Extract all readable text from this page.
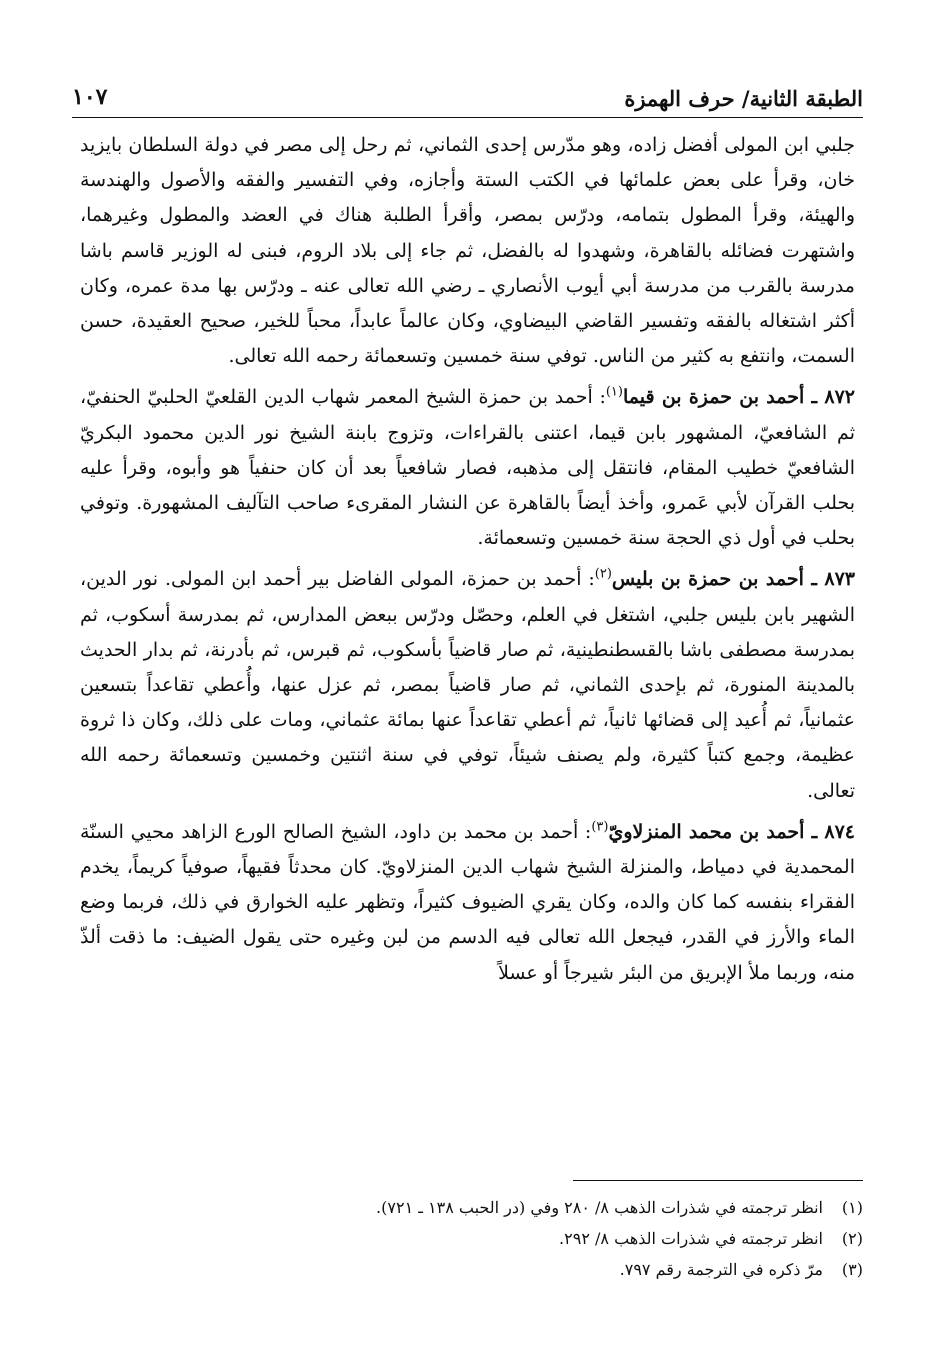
الطبقة الثانية/ حرف الهمزة
١٠٧

جلبي ابن المولى أفضل زاده، وهو مدّرس إحدى الثماني، ثم رحل إلى مصر في دولة السلطان بايزيد خان، وقرأ على بعض علمائها في الكتب الستة وأجازه، وفي التفسير والفقه والأصول والهندسة والهيئة، وقرأ المطول بتمامه، ودرّس بمصر، وأقرأ الطلبة هناك في العضد والمطول وغيرهما، واشتهرت فضائله بالقاهرة، وشهدوا له بالفضل، ثم جاء إلى بلاد الروم، فبنى له الوزير قاسم باشا مدرسة بالقرب من مدرسة أبي أيوب الأنصاري ـ رضي الله تعالى عنه ـ ودرّس بها مدة عمره، وكان أكثر اشتغاله بالفقه وتفسير القاضي البيضاوي، وكان عالماً عابداً، محباً للخير، صحيح العقيدة، حسن السمت، وانتفع به كثير من الناس. توفي سنة خمسين وتسعمائة رحمه الله تعالى.

٨٧٢ ـ أحمد بن حمزة بن قيما$^{(١)}$: أحمد بن حمزة الشيخ المعمر شهاب الدين القلعيّ الحلبيّ الحنفيّ، ثم الشافعيّ، المشهور بابن قيما، اعتنى بالقراءات، وتزوج بابنة الشيخ نور الدين محمود البكريّ الشافعيّ خطيب المقام، فانتقل إلى مذهبه، فصار شافعياً بعد أن كان حنفياً هو وأبوه، وقرأ عليه بحلب القرآن لأبي عَمرو، وأخذ أيضاً بالقاهرة عن النشار المقرىء صاحب التآليف المشهورة. وتوفي بحلب في أول ذي الحجة سنة خمسين وتسعمائة.

٨٧٣ ـ أحمد بن حمزة بن بليس$^{(٢)}$: أحمد بن حمزة، المولى الفاضل بير أحمد ابن المولى. نور الدين، الشهير بابن بليس جلبي، اشتغل في العلم، وحصّل ودرّس ببعض المدارس، ثم بمدرسة أسكوب، ثم بمدرسة مصطفى باشا بالقسطنطينية، ثم صار قاضياً بأسكوب، ثم قبرس، ثم بأدرنة، ثم بدار الحديث بالمدينة المنورة، ثم بإحدى الثماني، ثم صار قاضياً بمصر، ثم عزل عنها، وأُعطي تقاعداً بتسعين عثمانياً، ثم أُعيد إلى قضائها ثانياً، ثم أعطي تقاعداً عنها بمائة عثماني، ومات على ذلك، وكان ذا ثروة عظيمة، وجمع كتباً كثيرة، ولم يصنف شيئاً، توفي في سنة اثنتين وخمسين وتسعمائة رحمه الله تعالى.

٨٧٤ ـ أحمد بن محمد المنزلاويّ$^{(٣)}$: أحمد بن محمد بن داود، الشيخ الصالح الورع الزاهد محيي السنّة المحمدية في دمياط، والمنزلة الشيخ شهاب الدين المنزلاويّ. كان محدثاً فقيهاً، صوفياً كريماً، يخدم الفقراء بنفسه كما كان والده، وكان يقري الضيوف كثيراً، وتظهر عليه الخوارق في ذلك، فربما وضع الماء والأرز في القدر، فيجعل الله تعالى فيه الدسم من لبن وغيره حتى يقول الضيف: ما ذقت ألذّ منه، وربما ملأ الإبريق من البئر شيرجاً أو عسلاً

(١)انظر ترجمته في شذرات الذهب ٨/ ٢٨٠ وفي (در الحبب ١٣٨ ـ ٧٢١).
(٢)انظر ترجمته في شذرات الذهب ٨/ ٢٩٢.
(٣)مرّ ذكره في الترجمة رقم ٧٩٧.
